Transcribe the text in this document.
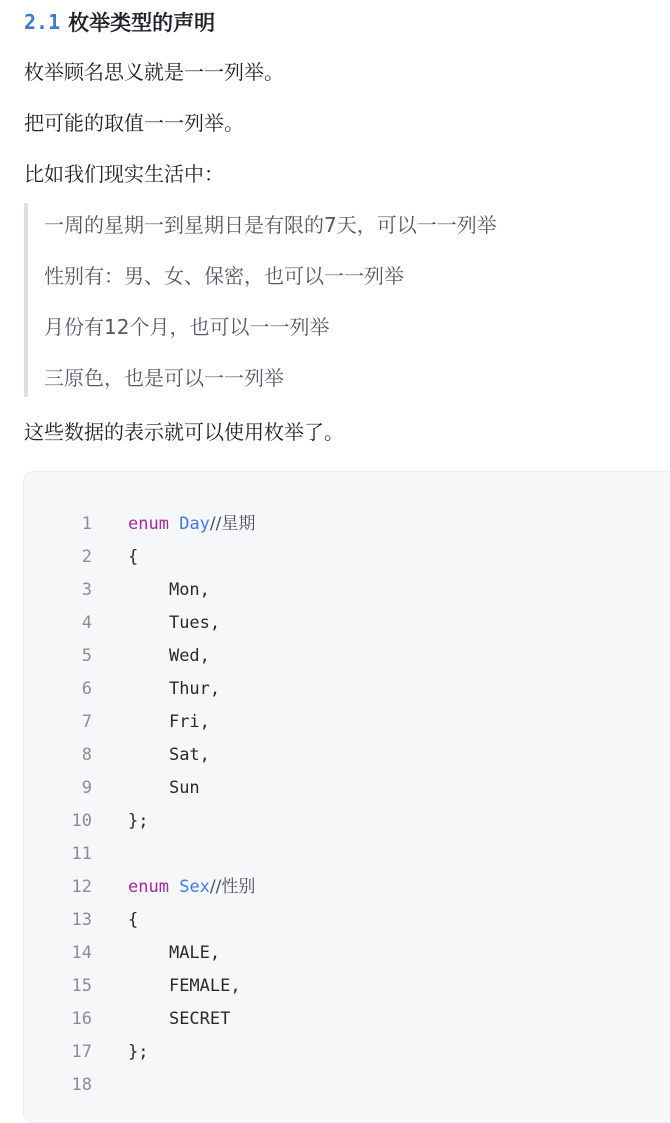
2.1 枚举类型的声明
枚举顾名思义就是一一列举。
把可能的取值一一列举。
比如我们现实生活中：
一周的星期一到星期日是有限的7天，可以一一列举
性别有：男、女、保密，也可以一一列举
月份有12个月，也可以一一列举
三原色，也是可以一一列举
这些数据的表示就可以使用枚举了。
1 enum Day//星期
2 {
3	Mon,
4	Tues,
5	Wed,
6	Thur,
7	Fri,
8	Sat,
9	Sun
10 };
11
12 enum Sex//性别
13 {
14	MALE,
15	FEMALE,
16	SECRET
17 };
18
